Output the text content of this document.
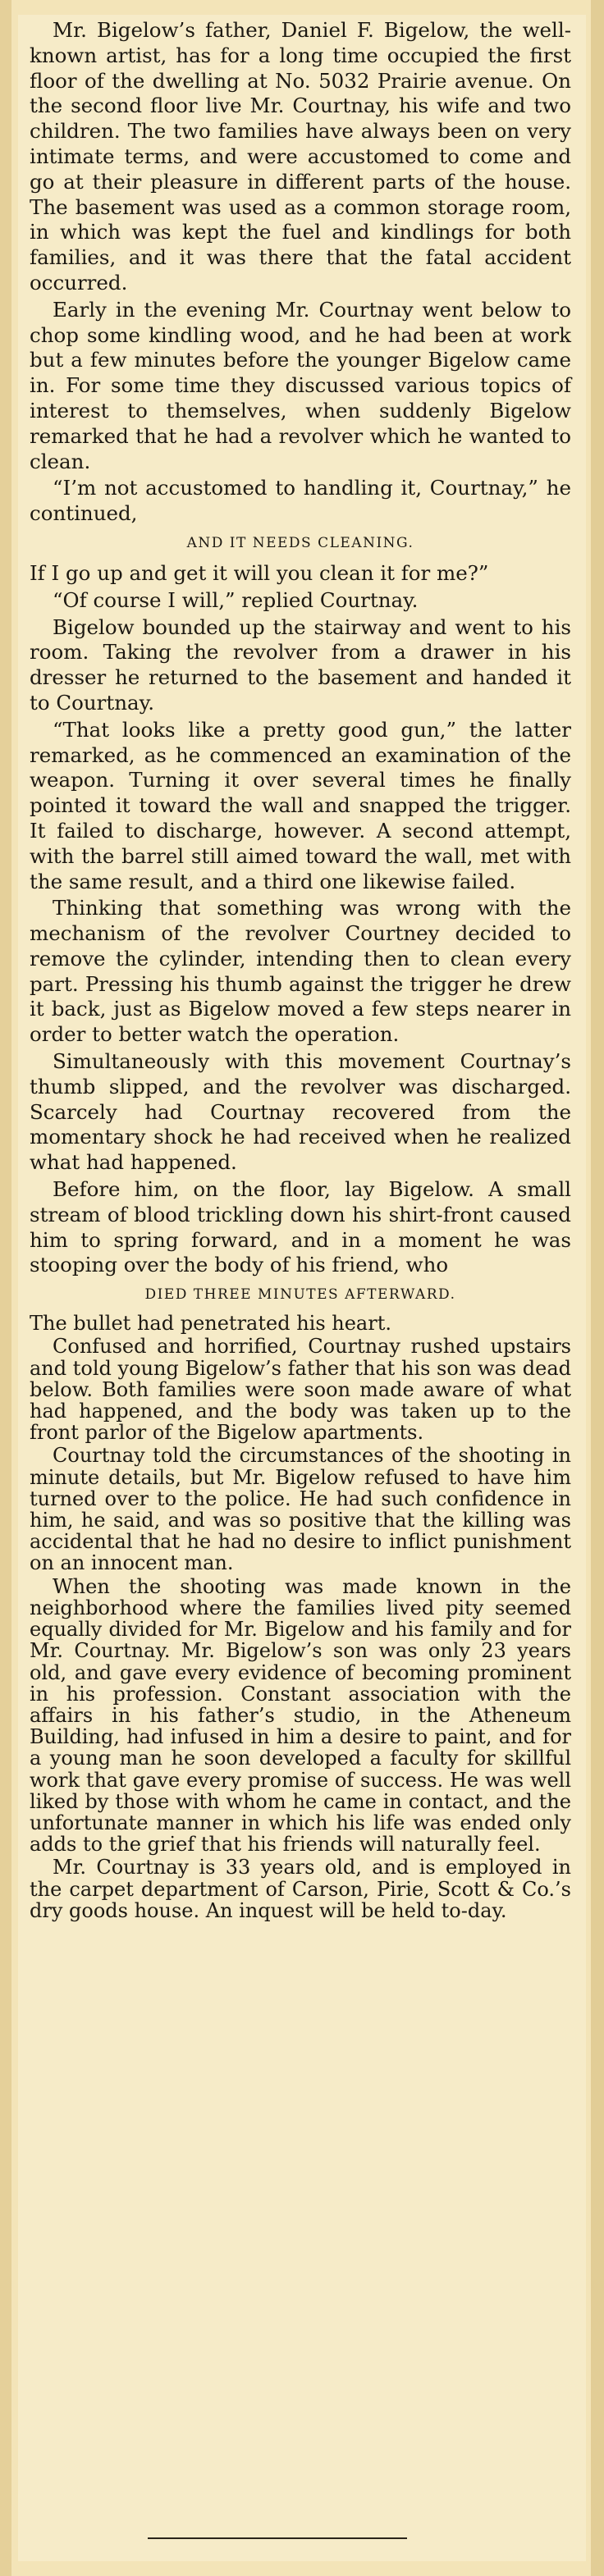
Mr. Bigelow’s father, Daniel F. Bigelow, the well-known artist, has for a long time occupied the first floor of the dwelling at No. 5032 Prairie avenue. On the second floor live Mr. Courtnay, his wife and two children. The two families have always been on very intimate terms, and were accustomed to come and go at their pleasure in different parts of the house. The basement was used as a common storage room, in which was kept the fuel and kindlings for both families, and it was there that the fatal accident occurred.

Early in the evening Mr. Courtnay went below to chop some kindling wood, and he had been at work but a few minutes before the younger Bigelow came in. For some time they discussed various topics of interest to themselves, when suddenly Bigelow remarked that he had a revolver which he wanted to clean.

“I’m not accustomed to handling it, Courtnay,” he continued,

AND IT NEEDS CLEANING.

If I go up and get it will you clean it for me?”

“Of course I will,” replied Courtnay.

Bigelow bounded up the stairway and went to his room. Taking the revolver from a drawer in his dresser he returned to the basement and handed it to Courtnay.

“That looks like a pretty good gun,” the latter remarked, as he commenced an examination of the weapon. Turning it over several times he finally pointed it toward the wall and snapped the trigger. It failed to discharge, however. A second attempt, with the barrel still aimed toward the wall, met with the same result, and a third one likewise failed.

Thinking that something was wrong with the mechanism of the revolver Courtney decided to remove the cylinder, intending then to clean every part. Pressing his thumb against the trigger he drew it back, just as Bigelow moved a few steps nearer in order to better watch the operation.

Simultaneously with this movement Courtnay’s thumb slipped, and the revolver was discharged. Scarcely had Courtnay recovered from the momentary shock he had received when he realized what had happened.

Before him, on the floor, lay Bigelow. A small stream of blood trickling down his shirt-front caused him to spring forward, and in a moment he was stooping over the body of his friend, who

DIED THREE MINUTES AFTERWARD.

The bullet had penetrated his heart.

Confused and horrified, Courtnay rushed upstairs and told young Bigelow’s father that his son was dead below. Both families were soon made aware of what had happened, and the body was taken up to the front parlor of the Bigelow apartments.

Courtnay told the circumstances of the shooting in minute details, but Mr. Bigelow refused to have him turned over to the police. He had such confidence in him, he said, and was so positive that the killing was accidental that he had no desire to inflict punishment on an innocent man.

When the shooting was made known in the neighborhood where the families lived pity seemed equally divided for Mr. Bigelow and his family and for Mr. Courtnay. Mr. Bigelow’s son was only 23 years old, and gave every evidence of becoming prominent in his profession. Constant association with the affairs in his father’s studio, in the Atheneum Building, had infused in him a desire to paint, and for a young man he soon developed a faculty for skillful work that gave every promise of success. He was well liked by those with whom he came in contact, and the unfortunate manner in which his life was ended only adds to the grief that his friends will naturally feel.

Mr. Courtnay is 33 years old, and is employed in the carpet department of Carson, Pirie, Scott & Co.’s dry goods house. An inquest will be held to-day.
